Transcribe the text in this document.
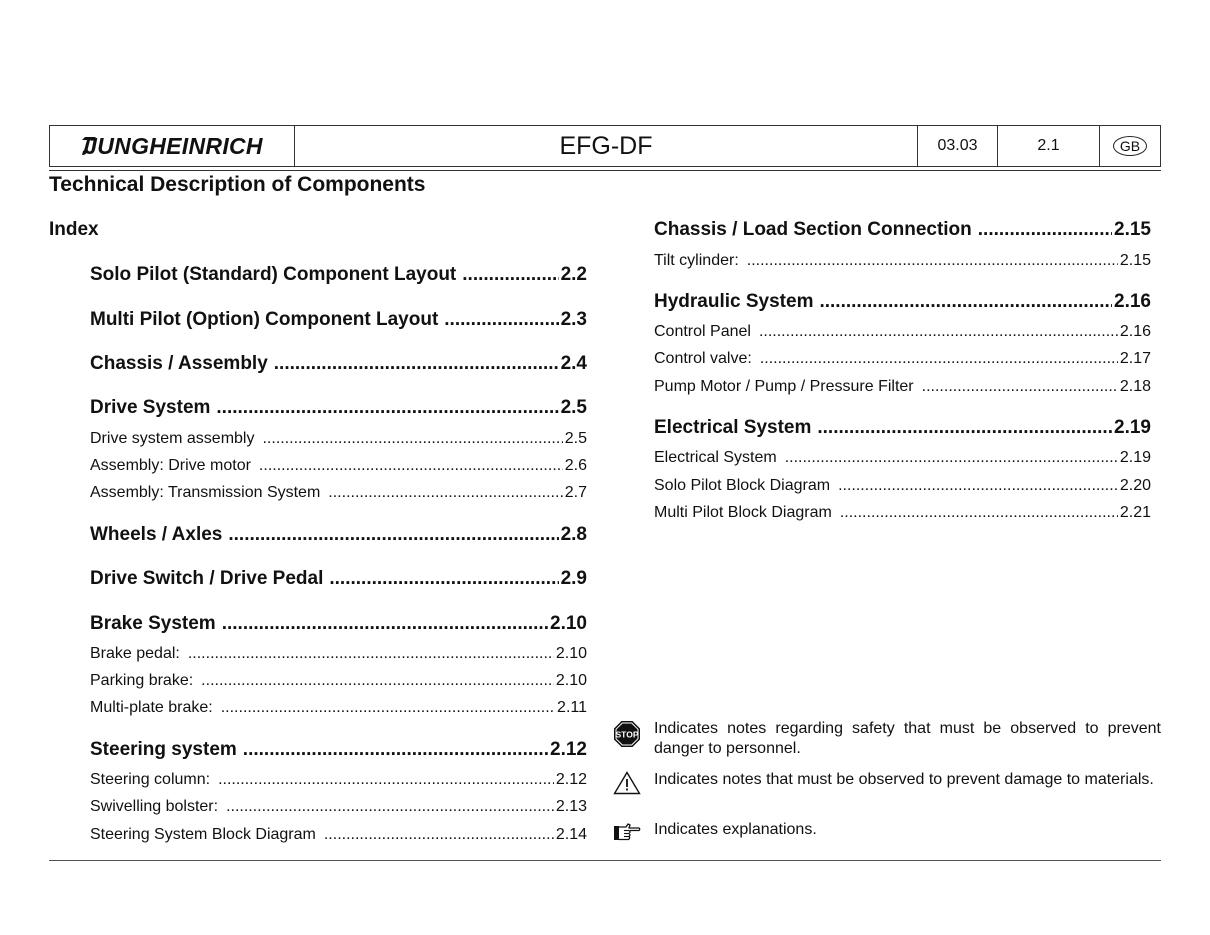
JUNGHEINRICH	EFG-DF	03.03	2.1	GB
Technical Description of Components
Index
Solo Pilot (Standard) Component Layout .....	2.2
Multi Pilot (Option) Component Layout .....	2.3
Chassis / Assembly .....	2.4
Drive System .....	2.5
Drive system assembly .....	2.5
Assembly: Drive motor .....	2.6
Assembly: Transmission System .....	2.7
Wheels / Axles .....	2.8
Drive Switch / Drive Pedal .....	2.9
Brake System .....	2.10
Brake pedal: .....	2.10
Parking brake: .....	2.10
Multi-plate brake: .....	2.11
Steering system .....	2.12
Steering column: .....	2.12
Swivelling bolster: .....	2.13
Steering System Block Diagram .....	2.14
Chassis / Load Section Connection .....	2.15
Tilt cylinder: .....	2.15
Hydraulic System .....	2.16
Control Panel .....	2.16
Control valve: .....	2.17
Pump Motor / Pump / Pressure Filter .....	2.18
Electrical System .....	2.19
Electrical System .....	2.19
Solo Pilot Block Diagram .....	2.20
Multi Pilot Block Diagram .....	2.21
STOP Indicates notes regarding safety that must be observed to prevent danger to personnel.
Indicates notes that must be observed to prevent damage to materials.
Indicates explanations.
